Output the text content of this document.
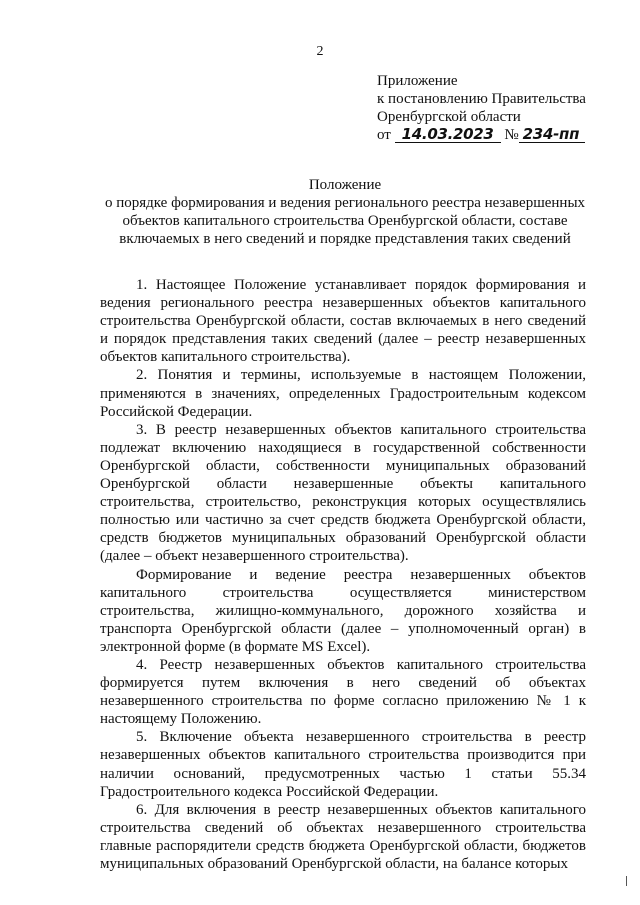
2
Приложение
к постановлению Правительства
Оренбургской области
от 14.03.2023 № 234-пп
Положение
о порядке формирования и ведения регионального реестра незавершенных объектов капитального строительства Оренбургской области, составе включаемых в него сведений и порядке представления таких сведений

1. Настоящее Положение устанавливает порядок формирования и ведения регионального реестра незавершенных объектов капитального строительства Оренбургской области, состав включаемых в него сведений и порядок представления таких сведений (далее – реестр незавершенных объектов капитального строительства).

2. Понятия и термины, используемые в настоящем Положении, применяются в значениях, определенных Градостроительным кодексом Российской Федерации.

3. В реестр незавершенных объектов капитального строительства подлежат включению находящиеся в государственной собственности Оренбургской области, собственности муниципальных образований Оренбургской области незавершенные объекты капитального строительства, строительство, реконструкция которых осуществлялись полностью или частично за счет средств бюджета Оренбургской области, средств бюджетов муниципальных образований Оренбургской области (далее – объект незавершенного строительства).

Формирование и ведение реестра незавершенных объектов капитального строительства осуществляется министерством строительства, жилищно-коммунального, дорожного хозяйства и транспорта Оренбургской области (далее – уполномоченный орган) в электронной форме (в формате MS Excel).

4. Реестр незавершенных объектов капитального строительства формируется путем включения в него сведений об объектах незавершенного строительства по форме согласно приложению № 1 к настоящему Положению.

5. Включение объекта незавершенного строительства в реестр незавершенных объектов капитального строительства производится при наличии оснований, предусмотренных частью 1 статьи 55.34 Градостроительного кодекса Российской Федерации.

6. Для включения в реестр незавершенных объектов капитального строительства сведений об объектах незавершенного строительства главные распорядители средств бюджета Оренбургской области, бюджетов муниципальных образований Оренбургской области, на балансе которых
